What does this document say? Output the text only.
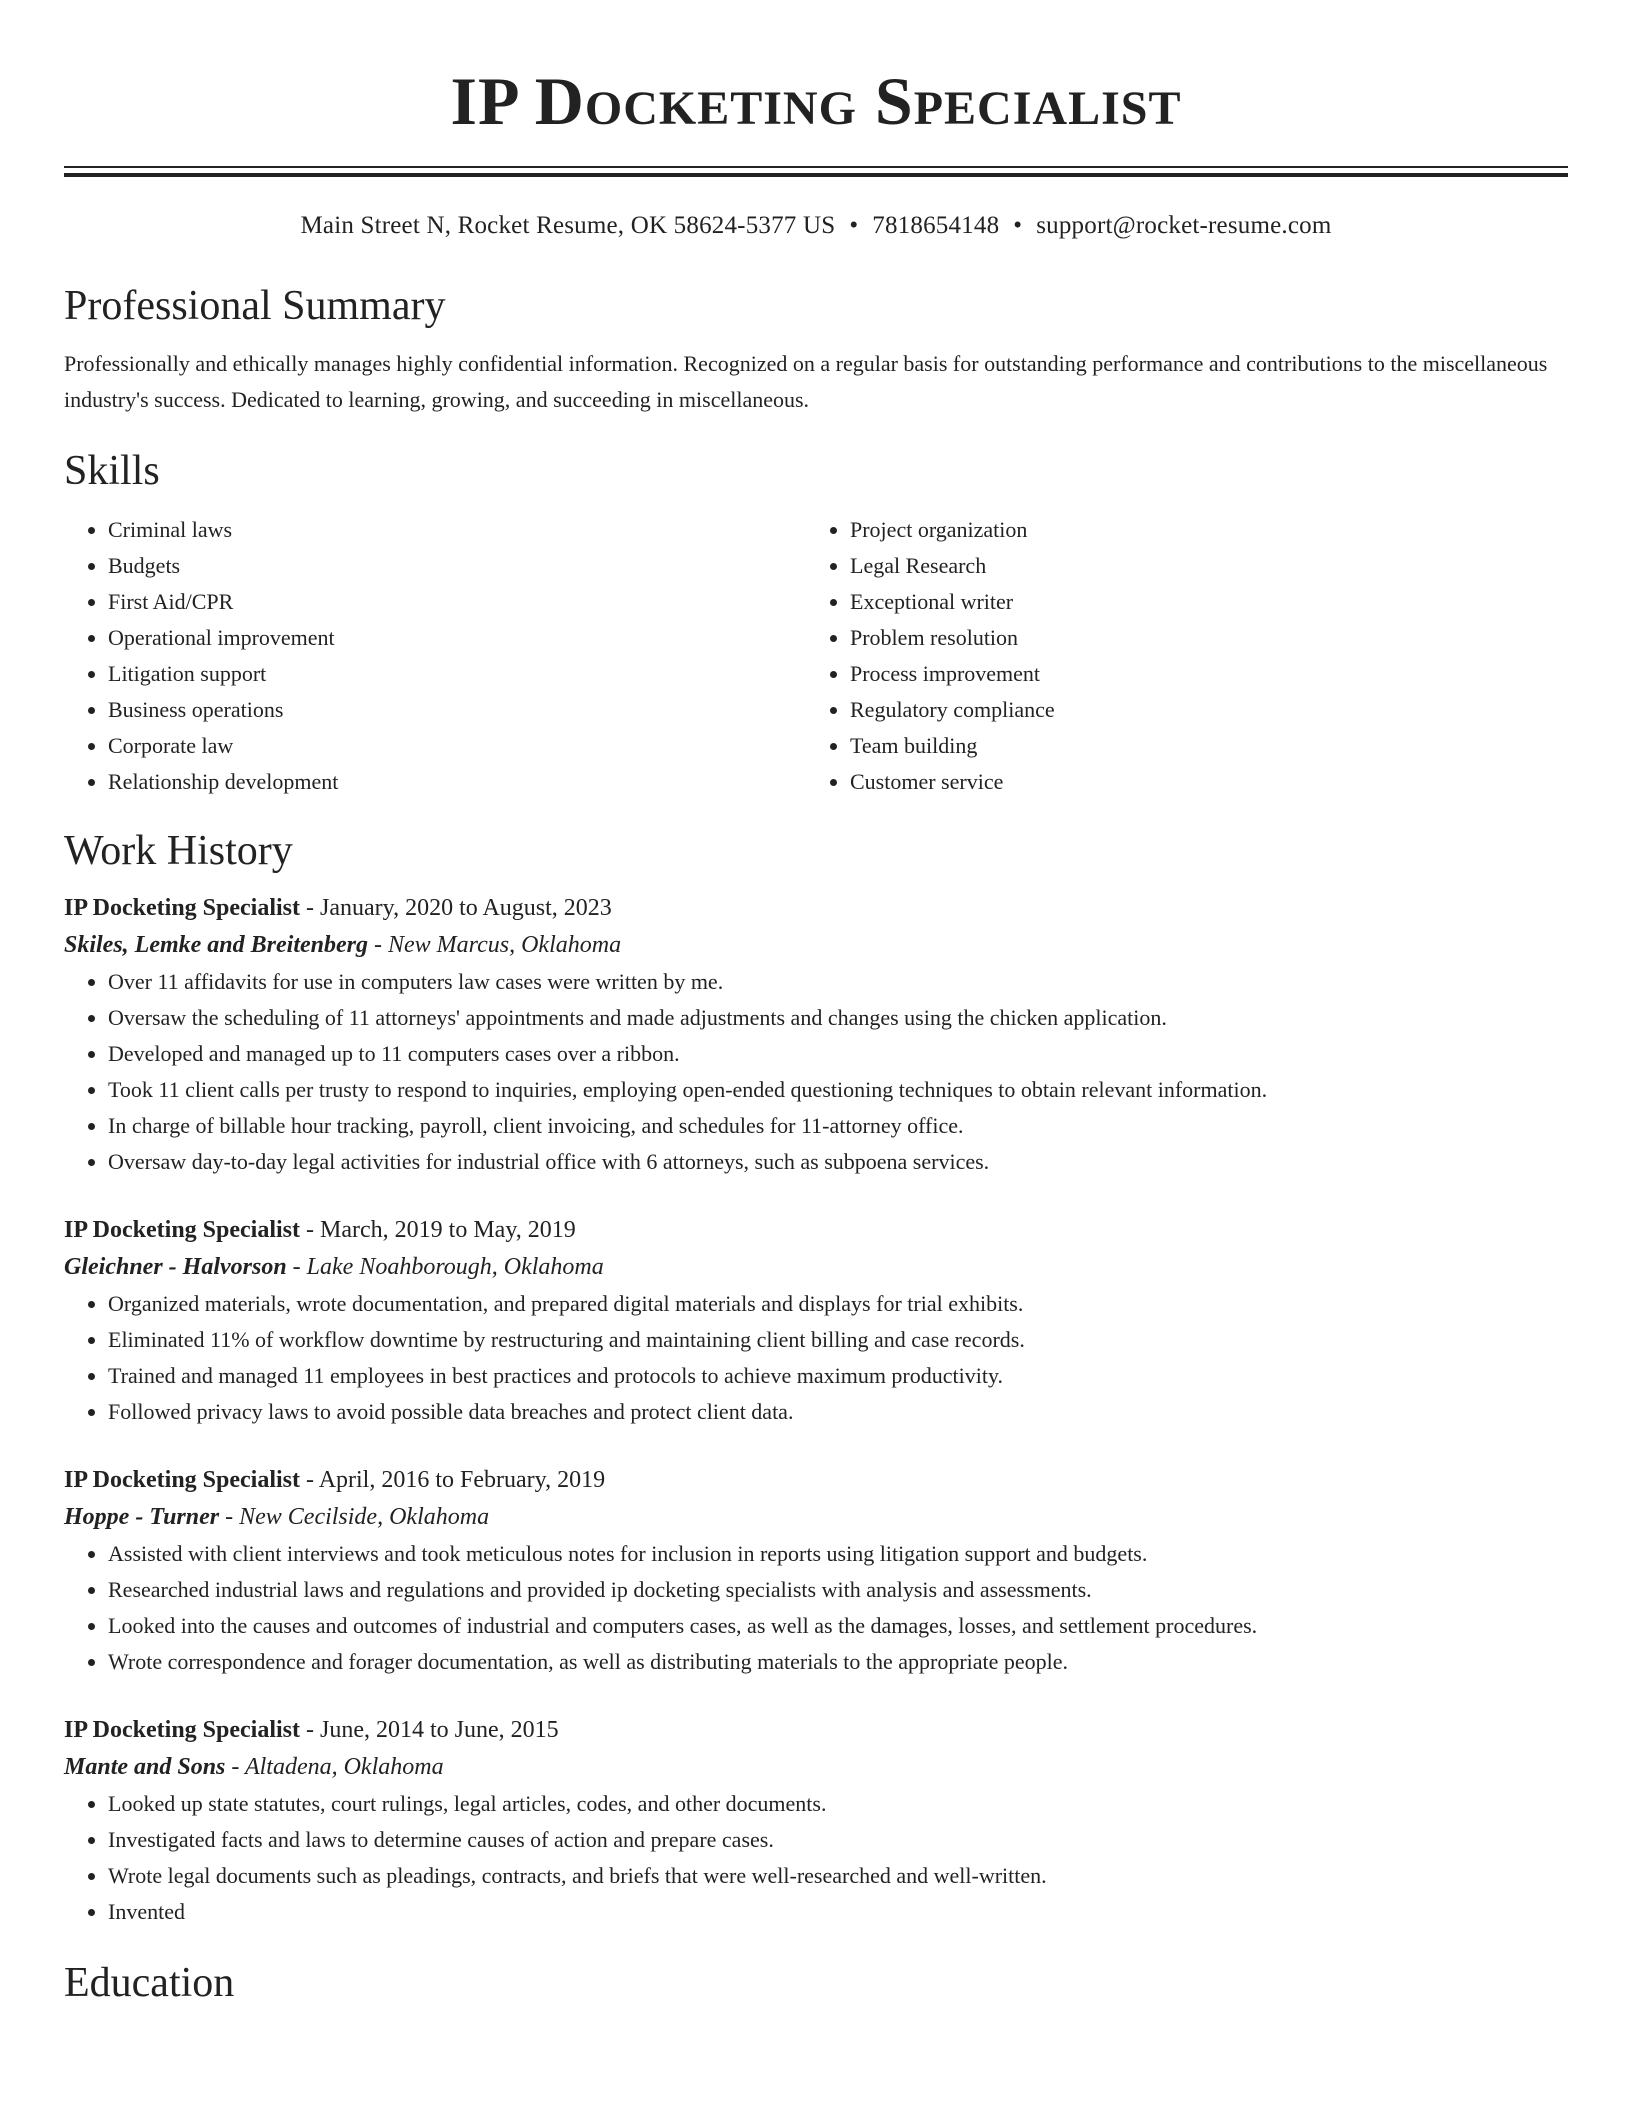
IP Docketing Specialist
Main Street N, Rocket Resume, OK 58624-5377 US • 7818654148 • support@rocket-resume.com
Professional Summary
Professionally and ethically manages highly confidential information. Recognized on a regular basis for outstanding performance and contributions to the miscellaneous industry's success. Dedicated to learning, growing, and succeeding in miscellaneous.
Skills
• Criminal laws
• Budgets
• First Aid/CPR
• Operational improvement
• Litigation support
• Business operations
• Corporate law
• Relationship development
• Project organization
• Legal Research
• Exceptional writer
• Problem resolution
• Process improvement
• Regulatory compliance
• Team building
• Customer service
Work History
IP Docketing Specialist - January, 2020 to August, 2023
Skiles, Lemke and Breitenberg - New Marcus, Oklahoma
• Over 11 affidavits for use in computers law cases were written by me.
• Oversaw the scheduling of 11 attorneys' appointments and made adjustments and changes using the chicken application.
• Developed and managed up to 11 computers cases over a ribbon.
• Took 11 client calls per trusty to respond to inquiries, employing open-ended questioning techniques to obtain relevant information.
• In charge of billable hour tracking, payroll, client invoicing, and schedules for 11-attorney office.
• Oversaw day-to-day legal activities for industrial office with 6 attorneys, such as subpoena services.
IP Docketing Specialist - March, 2019 to May, 2019
Gleichner - Halvorson - Lake Noahborough, Oklahoma
• Organized materials, wrote documentation, and prepared digital materials and displays for trial exhibits.
• Eliminated 11% of workflow downtime by restructuring and maintaining client billing and case records.
• Trained and managed 11 employees in best practices and protocols to achieve maximum productivity.
• Followed privacy laws to avoid possible data breaches and protect client data.
IP Docketing Specialist - April, 2016 to February, 2019
Hoppe - Turner - New Cecilside, Oklahoma
• Assisted with client interviews and took meticulous notes for inclusion in reports using litigation support and budgets.
• Researched industrial laws and regulations and provided ip docketing specialists with analysis and assessments.
• Looked into the causes and outcomes of industrial and computers cases, as well as the damages, losses, and settlement procedures.
• Wrote correspondence and forager documentation, as well as distributing materials to the appropriate people.
IP Docketing Specialist - June, 2014 to June, 2015
Mante and Sons - Altadena, Oklahoma
• Looked up state statutes, court rulings, legal articles, codes, and other documents.
• Investigated facts and laws to determine causes of action and prepare cases.
• Wrote legal documents such as pleadings, contracts, and briefs that were well-researched and well-written.
• Invented
Education
